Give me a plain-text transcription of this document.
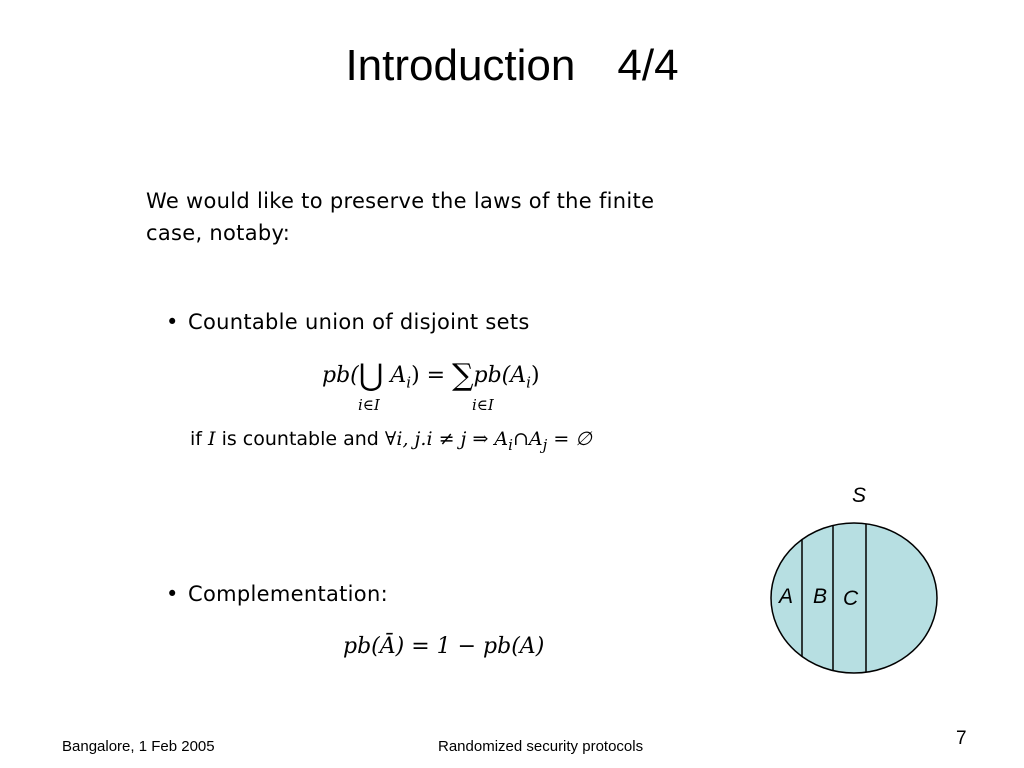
Introduction 4/4
We would like to preserve the laws of the finite
case, notaby:
• Countable union of disjoint sets
pb(⋃ $A_i) = \sum pb(A_i)$
i∈I	i∈I
if I is countable and ∀i, j.i ≠ j ⇒ $A_i\cap A_j$ = ∅
• Complementation:
pb(Ā) = 1 − pb(A)
S
A B C
Bangalore, 1 Feb 2005	Randomized security protocols	7
